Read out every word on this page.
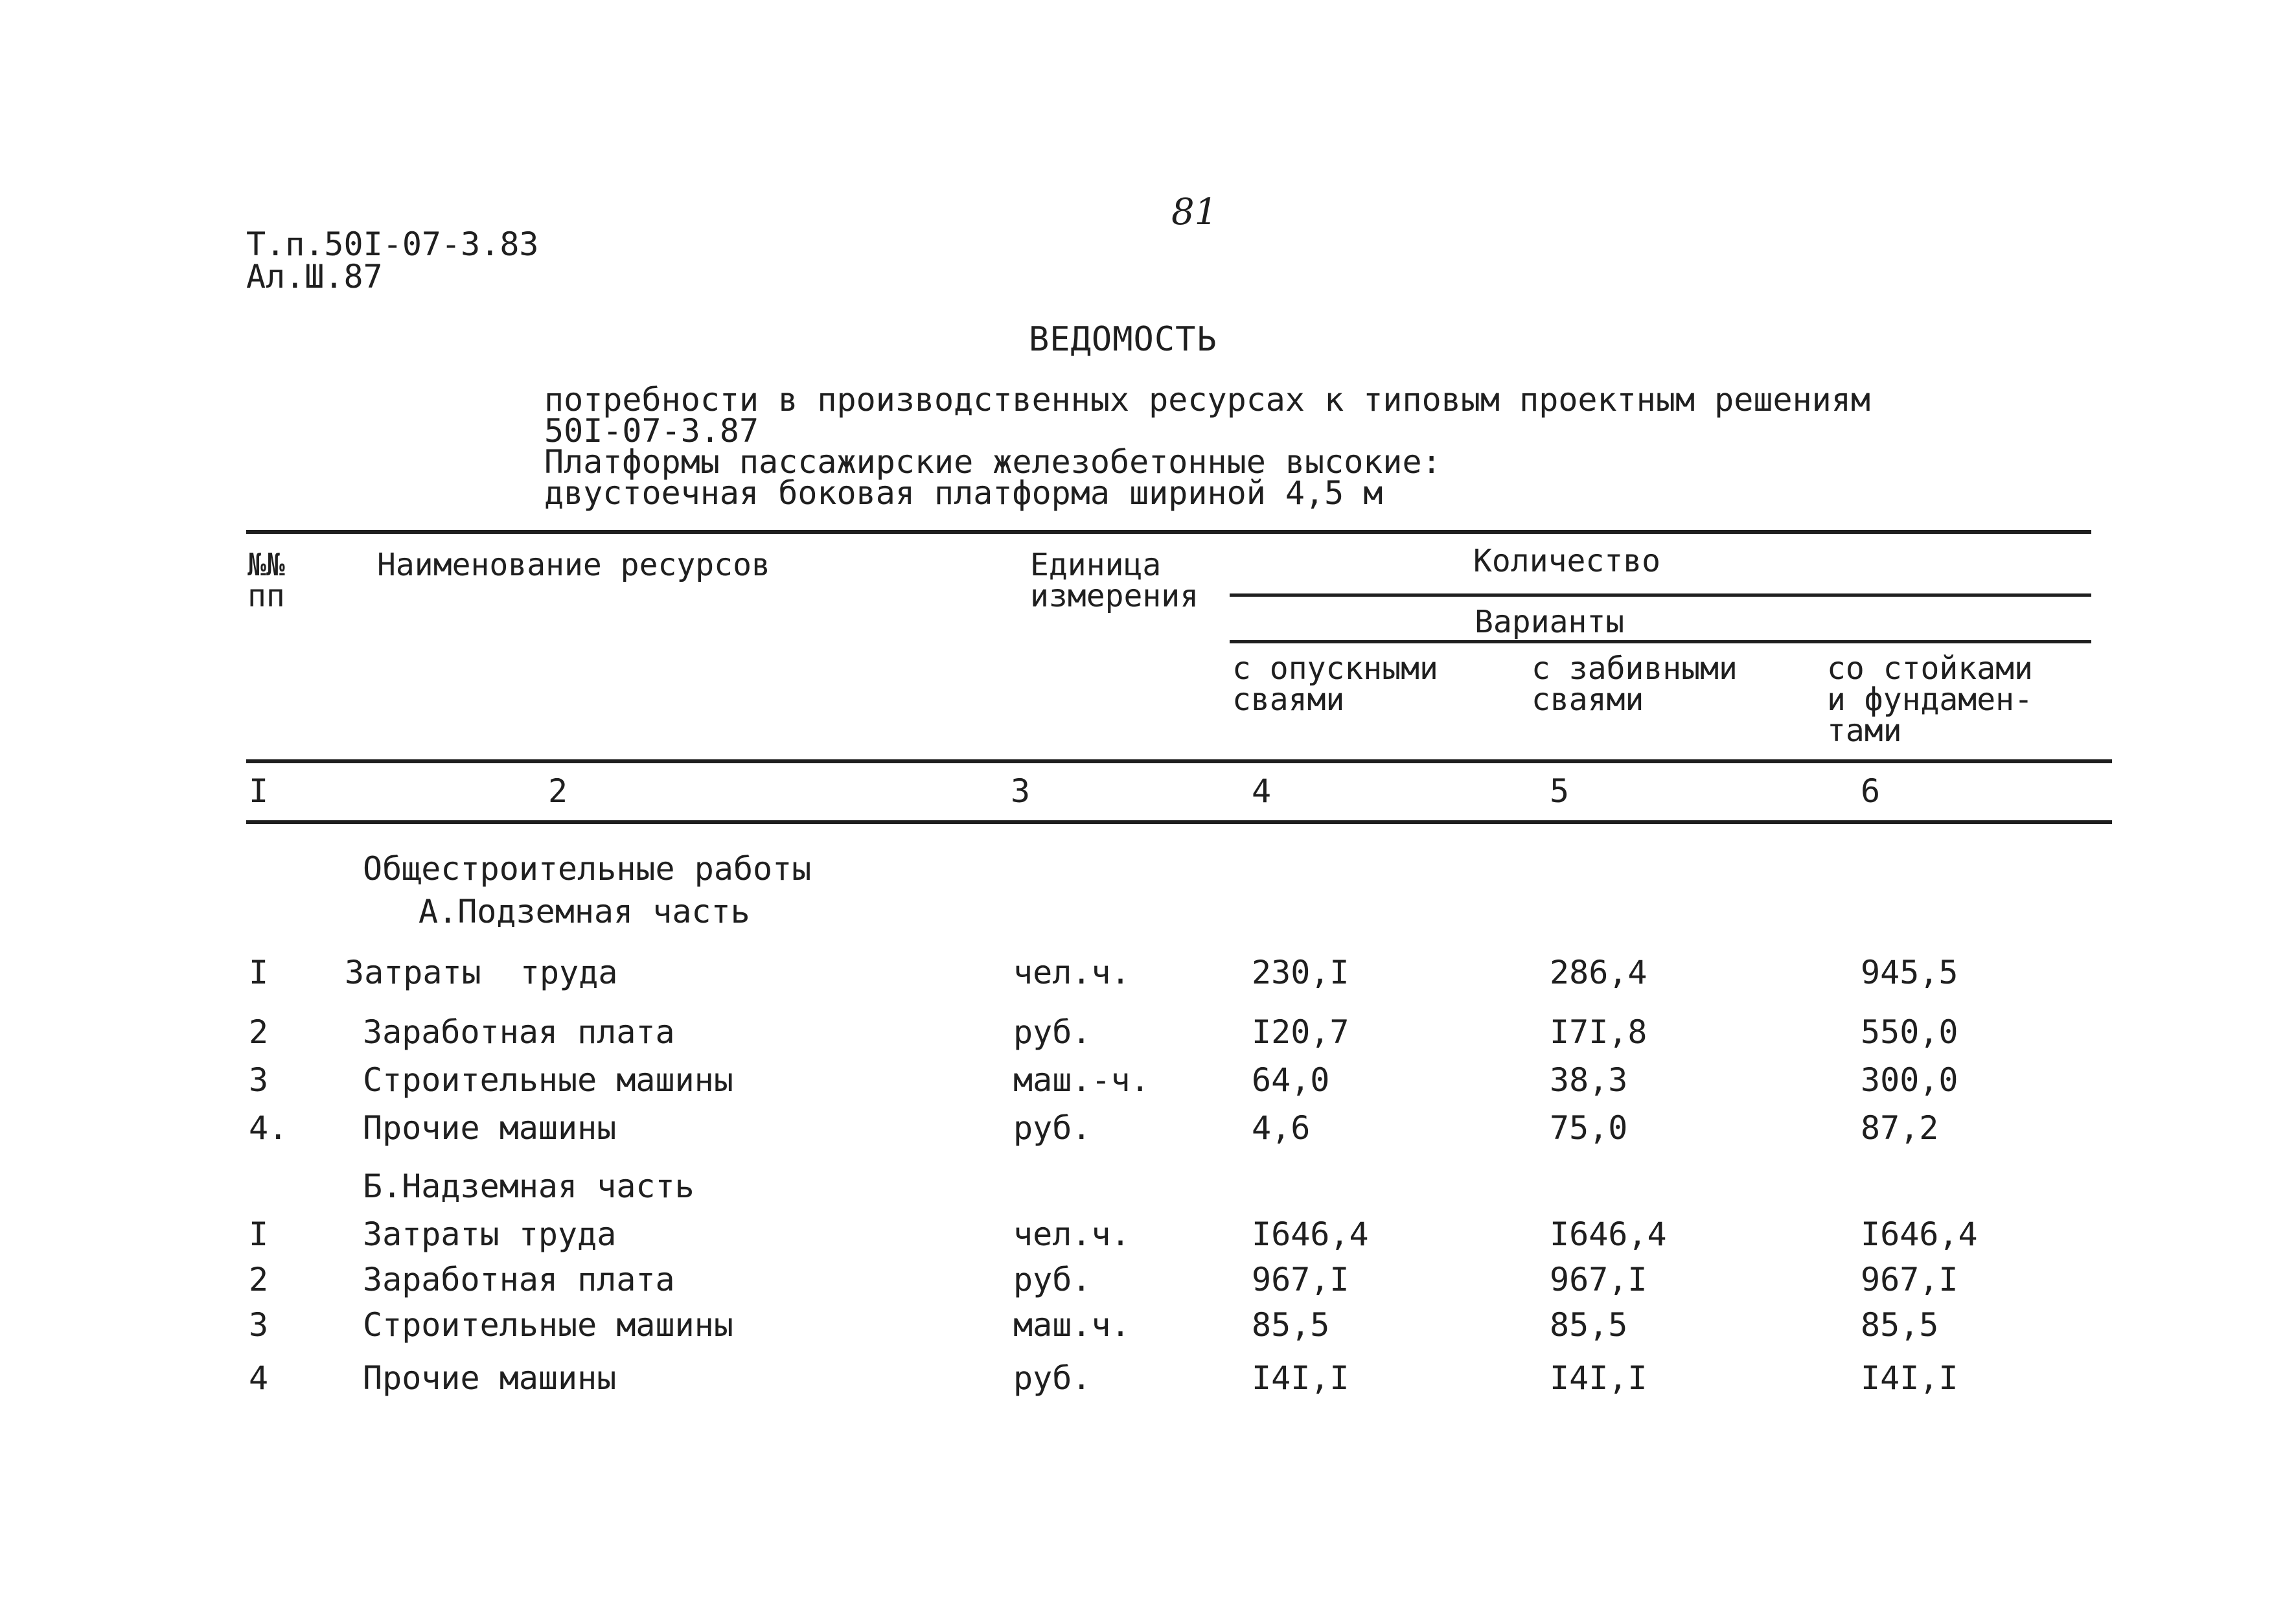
81
Т.п.50I-07-3.83
Ал.Ш.87
ВЕДОМОСТЬ
потребности в производственных ресурсах к типовым проектным решениям
50I-07-3.87
Платформы пассажирские железобетонные высокие:
двустоечная боковая платформа шириной 4,5 м
№№
пп
Наименование ресурсов	Единица
измерения
Количество
Варианты
с опускными
сваями
с забивными
сваями
со стойками
и фундамен-
тами
I	2	3	4	5	6
Общестроительные работы
А.Подземная часть
I Затраты  труда	чел.ч.	230,I	286,4	945,5
2	Заработная плата	руб.	I20,7	I7I,8	550,0
3	Строительные машины	маш.-ч.	64,0	38,3	300,0
4. Прочие машины	руб.	4,6	75,0	87,2
Б.Надземная часть
I	Затраты труда	чел.ч.	I646,4	I646,4	I646,4
2	Заработная плата	руб.	967,I	967,I	967,I
3	Строительные машины	маш.ч.	85,5	85,5	85,5
4	Прочие машины	руб.	I4I,I	I4I,I	I4I,I
